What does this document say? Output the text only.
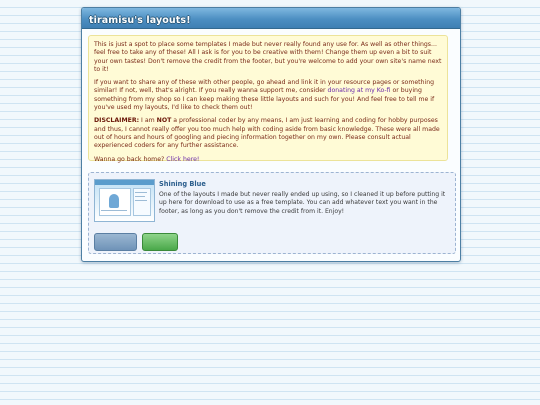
tiramisu's layouts!

This is just a spot to place some templates I made but never really found any use for. As well as other things... feel free to take any of these! All I ask is for you to be creative with them! Change them up even a bit to suit your own tastes! Don't remove the credit from the footer, but you're welcome to add your own site's name next to it!

If you want to share any of these with other people, go ahead and link it in your resource pages or something similar! If not, well, that's alright. If you really wanna support me, consider donating at my Ko-fi or buying something from my shop so I can keep making these little layouts and such for you! And feel free to tell me if you've used my layouts, I'd like to check them out!

DISCLAIMER: I am NOT a professional coder by any means, I am just learning and coding for hobby purposes and thus, I cannot really offer you too much help with coding aside from basic knowledge. These were all made out of hours and hours of googling and piecing information together on my own. Please consult actual experienced coders for any further assistance.

Wanna go back home? Click here!

Shining Blue
One of the layouts I made but never really ended up using, so I cleaned it up before putting it up here for download to use as a free template. You can add whatever text you want in the footer, as long as you don't remove the credit from it. Enjoy!
